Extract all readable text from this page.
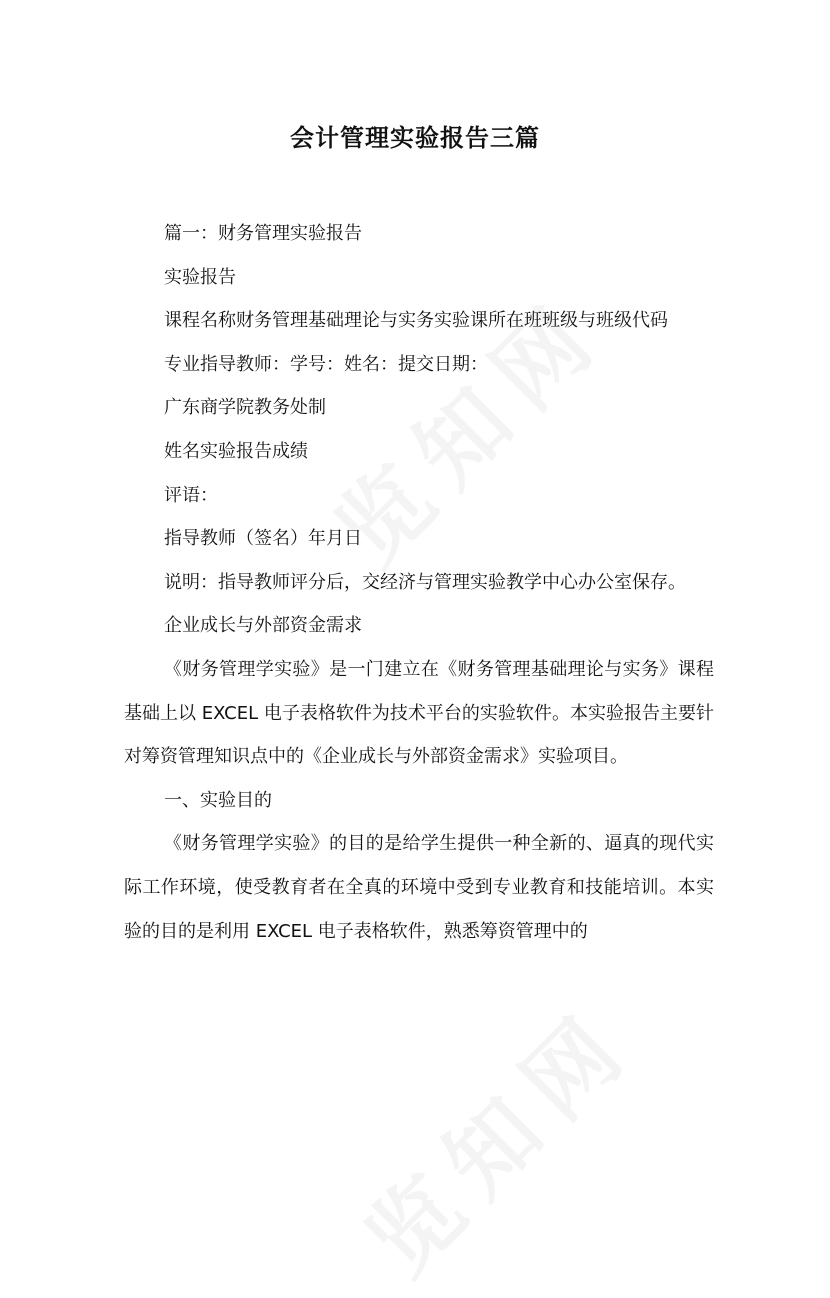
会计管理实验报告三篇

篇一：财务管理实验报告

实验报告

课程名称财务管理基础理论与实务实验课所在班班级与班级代码

专业指导教师：学号：姓名：提交日期：

广东商学院教务处制

姓名实验报告成绩

评语：

指导教师（签名）年月日

说明：指导教师评分后，交经济与管理实验教学中心办公室保存。

企业成长与外部资金需求

《财务管理学实验》是一门建立在《财务管理基础理论与实务》课程基础上以 EXCEL 电子表格软件为技术平台的实验软件。本实验报告主要针对筹资管理知识点中的《企业成长与外部资金需求》实验项目。

一、实验目的

《财务管理学实验》的目的是给学生提供一种全新的、逼真的现代实际工作环境，使受教育者在全真的环境中受到专业教育和技能培训。本实验的目的是利用 EXCEL 电子表格软件，熟悉筹资管理中的
